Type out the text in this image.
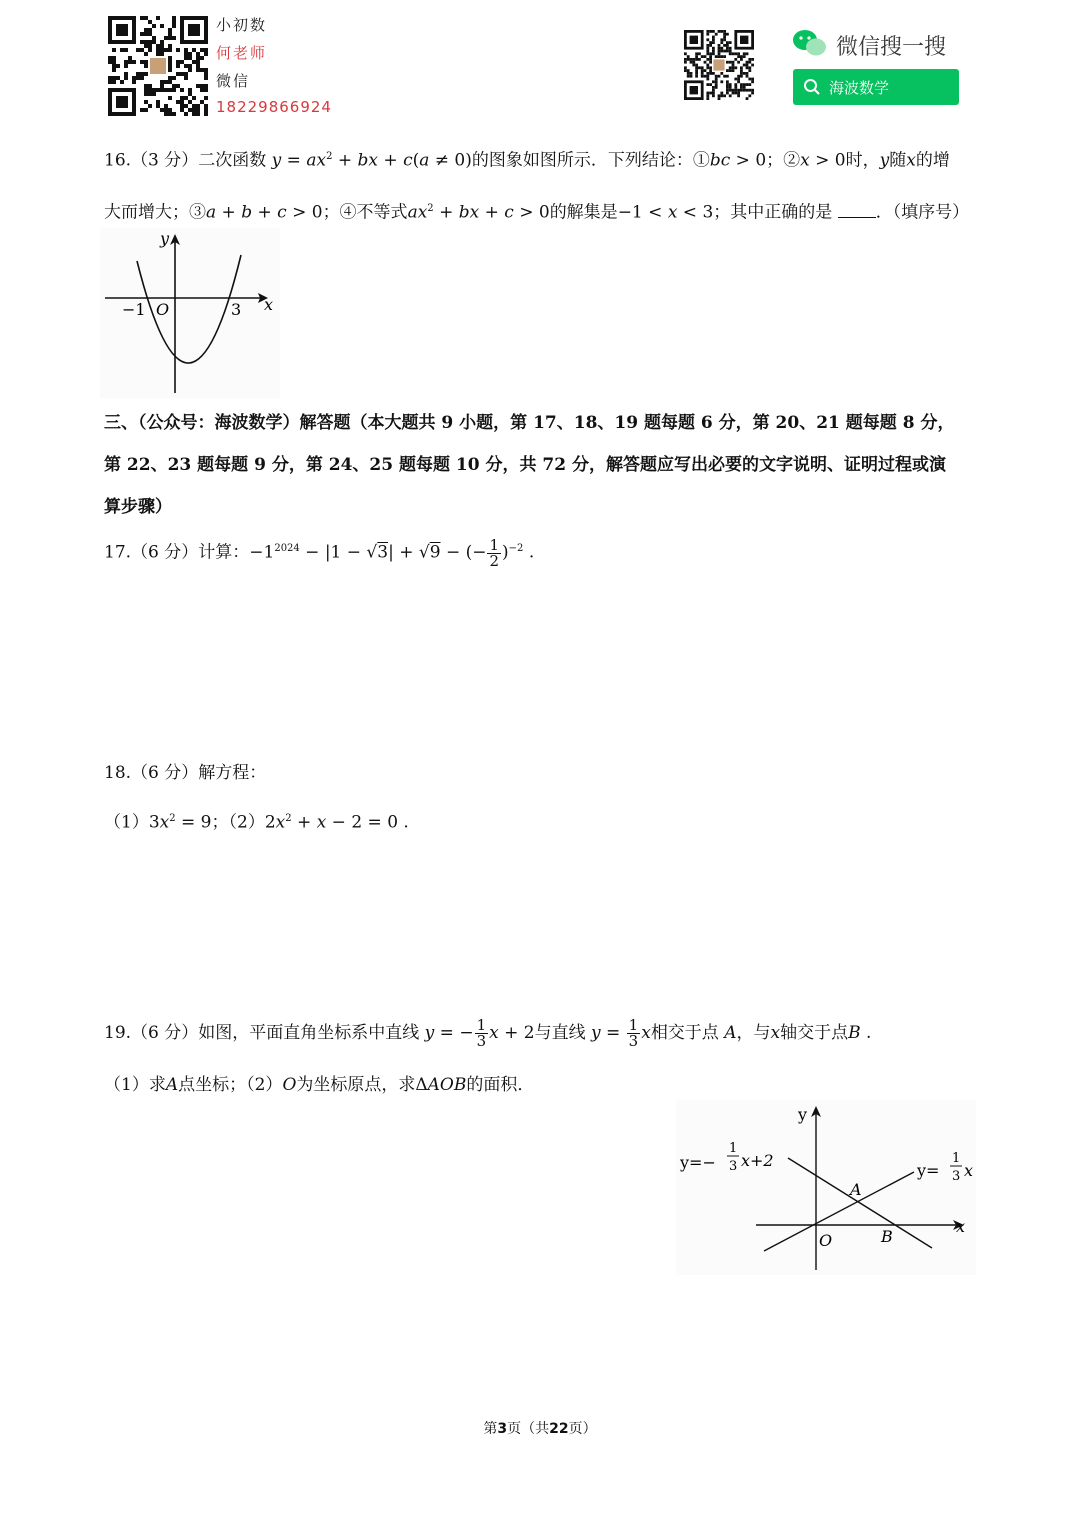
小初数
何老师
微信
18229866924
微信搜一搜
海波数学
16.（3 分）二次函数 $y = ax^2$ + bx + c(a ≠ 0)的图象如图所示．下列结论：①bc > 0；②x > 0时，y随x的增
大而增大；③a + b + c > 0；④不等式$ax^2$ + bx + c > 0的解集是−1 < x < 3；其中正确的是	．（填序号）
y
x
O
−1	3
三、（公众号：海波数学）解答题（本大题共 9 小题，第 17、18、19 题每题 6 分，第 20、21 题每题 8 分，
第 22、23 题每题 9 分，第 24、25 题每题 10 分，共 72 分，解答题应写出必要的文字说明、证明过程或演
算步骤）
17.（6 分）计算：$-1^{2024} - |1 - √3| + √9$ − (− $\frac{1}{2} )^{-2}$ .
18.（6 分）解方程：
$(1)3x^2 = 9$；$(2)2x^2 + x - 2 = 0$ .
19.（6 分）如图，平面直角坐标系中直线 y = − $\frac{1}{3}$ x + 2与直线 $y = \frac{1}{3}$ x相交于点 A，与x轴交于点B .
（1）求A点坐标；（2）O为坐标原点，求ΔAOB的面积．
y
x
O
A
B
y=−
1
3 x+2
y=
1
3 x
第3页（共22页）
